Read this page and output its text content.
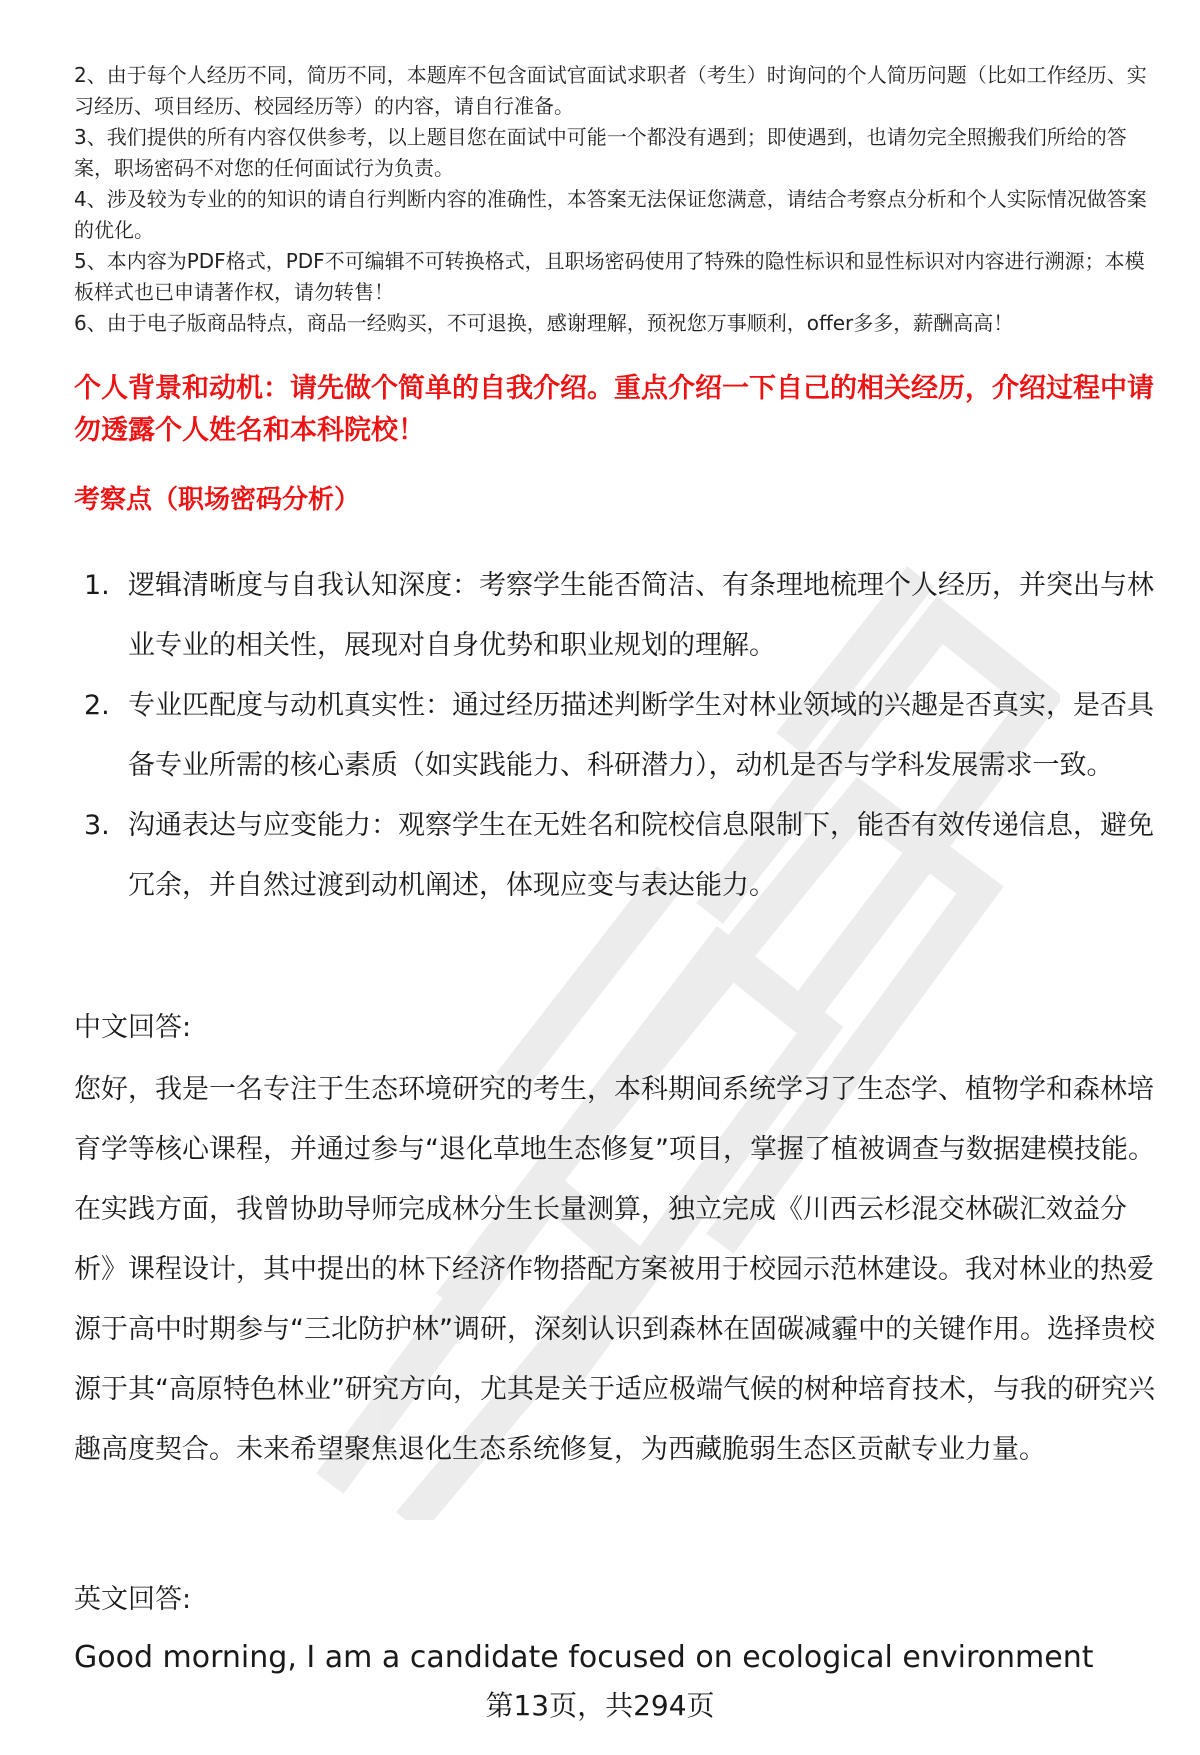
2、由于每个人经历不同，简历不同，本题库不包含面试官面试求职者（考生）时询问的个人简历问题（比如工作经历、实习经历、项目经历、校园经历等）的内容，请自行准备。

3、我们提供的所有内容仅供参考，以上题目您在面试中可能一个都没有遇到；即使遇到，也请勿完全照搬我们所给的答案，职场密码不对您的任何面试行为负责。

4、涉及较为专业的的知识的请自行判断内容的准确性，本答案无法保证您满意，请结合考察点分析和个人实际情况做答案的优化。

5、本内容为PDF格式，PDF不可编辑不可转换格式，且职场密码使用了特殊的隐性标识和显性标识对内容进行溯源；本模板样式也已申请著作权，请勿转售！

6、由于电子版商品特点，商品一经购买，不可退换，感谢理解，预祝您万事顺利，offer多多，薪酬高高！

个人背景和动机：请先做个简单的自我介绍。重点介绍一下自己的相关经历，介绍过程中请勿透露个人姓名和本科院校！
考察点（职场密码分析）
1. 逻辑清晰度与自我认知深度：考察学生能否简洁、有条理地梳理个人经历，并突出与林业专业的相关性，展现对自身优势和职业规划的理解。
2. 专业匹配度与动机真实性：通过经历描述判断学生对林业领域的兴趣是否真实，是否具备专业所需的核心素质（如实践能力、科研潜力），动机是否与学科发展需求一致。
3. 沟通表达与应变能力：观察学生在无姓名和院校信息限制下，能否有效传递信息，避免冗余，并自然过渡到动机阐述，体现应变与表达能力。
中文回答:

您好，我是一名专注于生态环境研究的考生，本科期间系统学习了生态学、植物学和森林培育学等核心课程，并通过参与“退化草地生态修复”项目，掌握了植被调查与数据建模技能。在实践方面，我曾协助导师完成林分生长量测算，独立完成《川西云杉混交林碳汇效益分析》课程设计，其中提出的林下经济作物搭配方案被用于校园示范林建设。我对林业的热爱源于高中时期参与“三北防护林”调研，深刻认识到森林在固碳减霾中的关键作用。选择贵校源于其“高原特色林业”研究方向，尤其是关于适应极端气候的树种培育技术，与我的研究兴趣高度契合。未来希望聚焦退化生态系统修复，为西藏脆弱生态区贡献专业力量。

英文回答:

Good morning, I am a candidate focused on ecological environment

第13页，共294页
